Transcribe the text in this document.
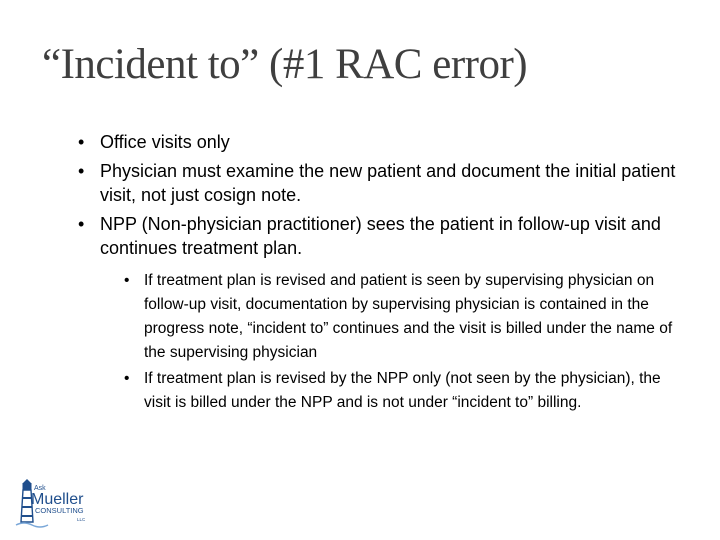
“Incident to” (#1 RAC error)
• Office visits only
• Physician must examine the new patient and document the initial patient visit, not just cosign note.
• NPP (Non-physician practitioner) sees the patient in follow-up visit and continues treatment plan.
• If treatment plan is revised and patient is seen by supervising physician on follow-up visit, documentation by supervising physician is contained in the progress note, “incident to” continues and the visit is billed under the name of the supervising physician
• If treatment plan is revised by the NPP only (not seen by the physician), the visit is billed under the NPP and is not under “incident to” billing.
Ask
Mueller
CONSULTING
LLC
